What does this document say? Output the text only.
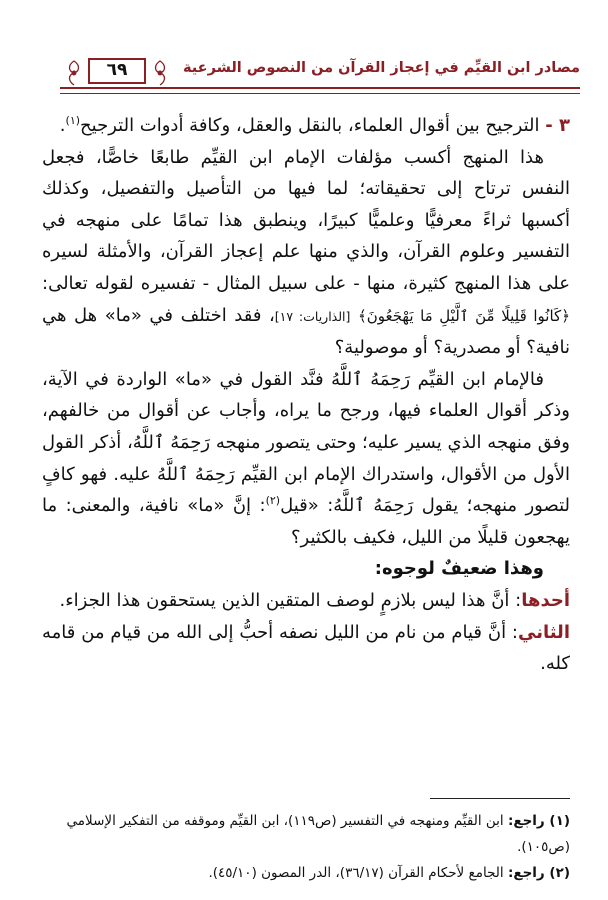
مصادر ابن القيِّم في إعجاز القرآن من النصوص الشرعية
٦٩

٣ - الترجيح بين أقوال العلماء، بالنقل والعقل، وكافة أدوات الترجيح$^{(١)}$.

هذا المنهج أكسب مؤلفات الإمام ابن القيِّم طابعًا خاصًّا، فجعل النفس ترتاح إلى تحقيقاته؛ لما فيها من التأصيل والتفصيل، وكذلك أكسبها ثراءً معرفيًّا وعلميًّا كبيرًا، وينطبق هذا تمامًا على منهجه في التفسير وعلوم القرآن، والذي منها علم إعجاز القرآن، والأمثلة لسيره على هذا المنهج كثيرة، منها - على سبيل المثال - تفسيره لقوله تعالى: ﴿كَانُوا قَلِيلًا مِّنَ ٱلَّيْلِ مَا يَهْجَعُونَ﴾ [الذاريات: ١٧]، فقد اختلف في «ما» هل هي نافية؟ أو مصدرية؟ أو موصولية؟

فالإمام ابن القيِّم رَحِمَهُ ٱللَّهُ فنَّد القول في «ما» الواردة في الآية، وذكر أقوال العلماء فيها، ورجح ما يراه، وأجاب عن أقوال من خالفهم، وفق منهجه الذي يسير عليه؛ وحتى يتصور منهجه رَحِمَهُ ٱللَّهُ، أذكر القول الأول من الأقوال، واستدراك الإمام ابن القيِّم رَحِمَهُ ٱللَّهُ عليه. فهو كافٍ لتصور منهجه؛ يقول رَحِمَهُ ٱللَّهُ: «قيل$^{(٢)}$: إنَّ «ما» نافية، والمعنى: ما يهجعون قليلًا من الليل، فكيف بالكثير؟

وهذا ضعيفٌ لوجوه:

أحدها: أنَّ هذا ليس بلازمٍ لوصف المتقين الذين يستحقون هذا الجزاء.

الثاني: أنَّ قيام من نام من الليل نصفه أحبُّ إلى الله من قيام من قامه كله.

(١) راجع: ابن القيِّم ومنهجه في التفسير (ص١١٩)، ابن القيِّم وموقفه من التفكير الإسلامي (ص١٠٥).

(٢) راجع: الجامع لأحكام القرآن (٣٦/١٧)، الدر المصون (٤٥/١٠).
